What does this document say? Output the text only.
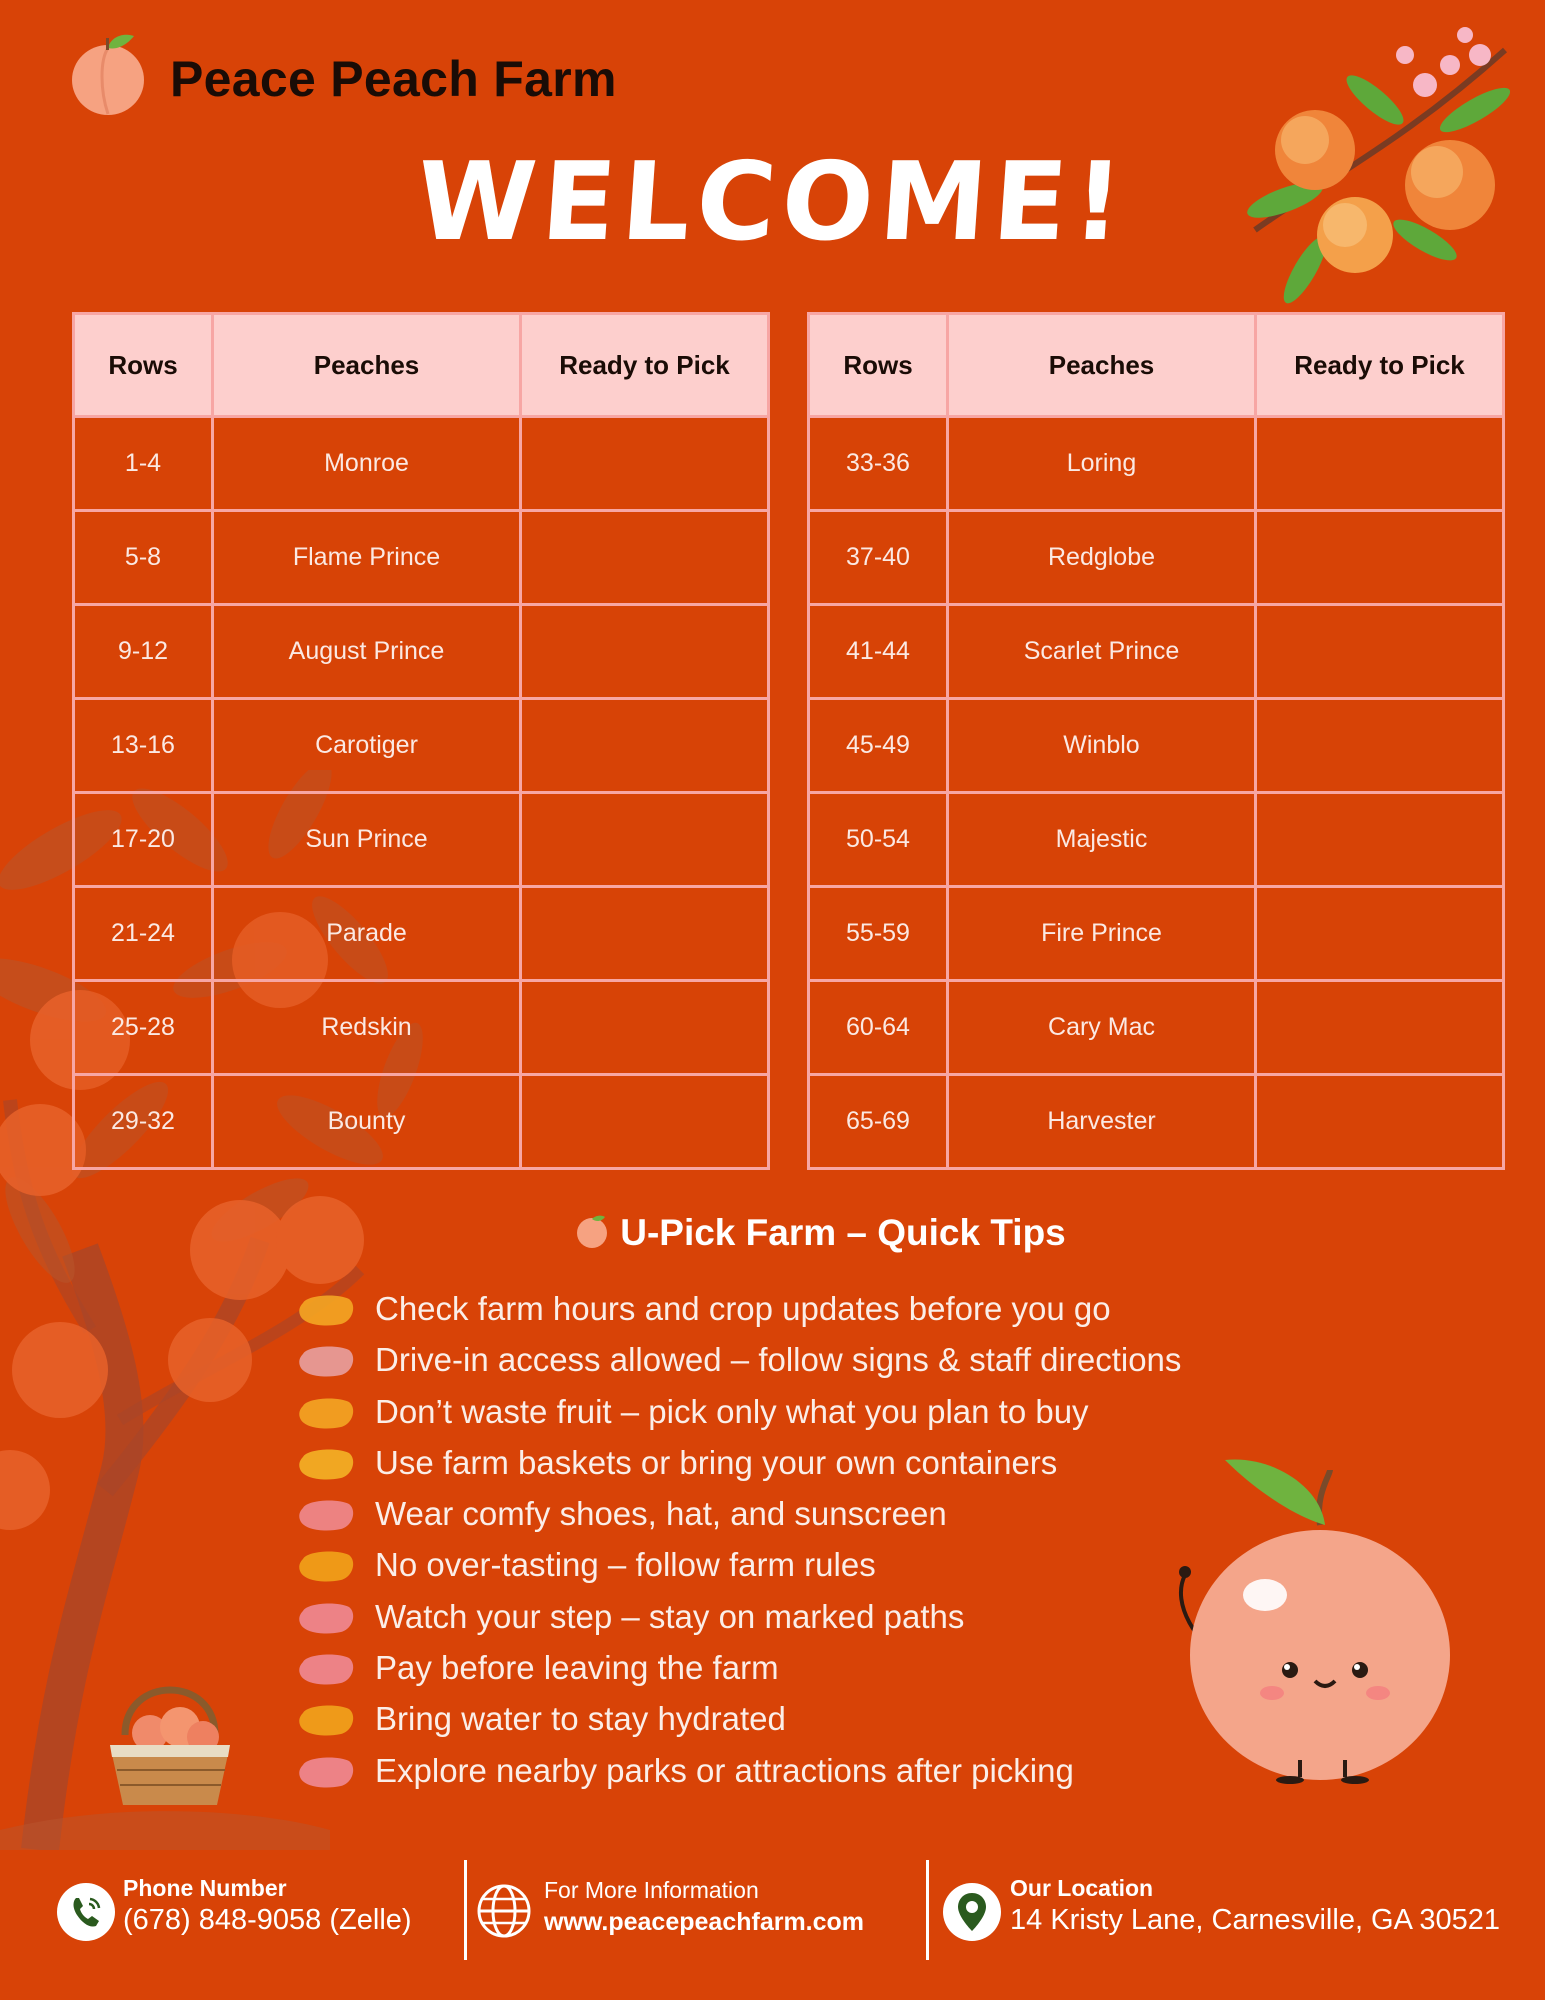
Peace Peach Farm
WELCOME!
Rows	Peaches	Ready to Pick
1-4	Monroe	
5-8	Flame Prince	
9-12	August Prince	
13-16	Carotiger	
17-20	Sun Prince	
21-24	Parade	
25-28	Redskin	
29-32	Bounty	
Rows	Peaches	Ready to Pick
33-36	Loring	
37-40	Redglobe	
41-44	Scarlet Prince	
45-49	Winblo	
50-54	Majestic	
55-59	Fire Prince	
60-64	Cary Mac	
65-69	Harvester	
U-Pick Farm – Quick Tips
Check farm hours and crop updates before you go
Drive-in access allowed – follow signs & staff directions
Don’t waste fruit – pick only what you plan to buy
Use farm baskets or bring your own containers
Wear comfy shoes, hat, and sunscreen
No over-tasting – follow farm rules
Watch your step – stay on marked paths
Pay before leaving the farm
Bring water to stay hydrated
Explore nearby parks or attractions after picking
Phone Number
(678) 848-9058 (Zelle)
For More Information
www.peacepeachfarm.com
Our Location
14 Kristy Lane, Carnesville, GA 30521
